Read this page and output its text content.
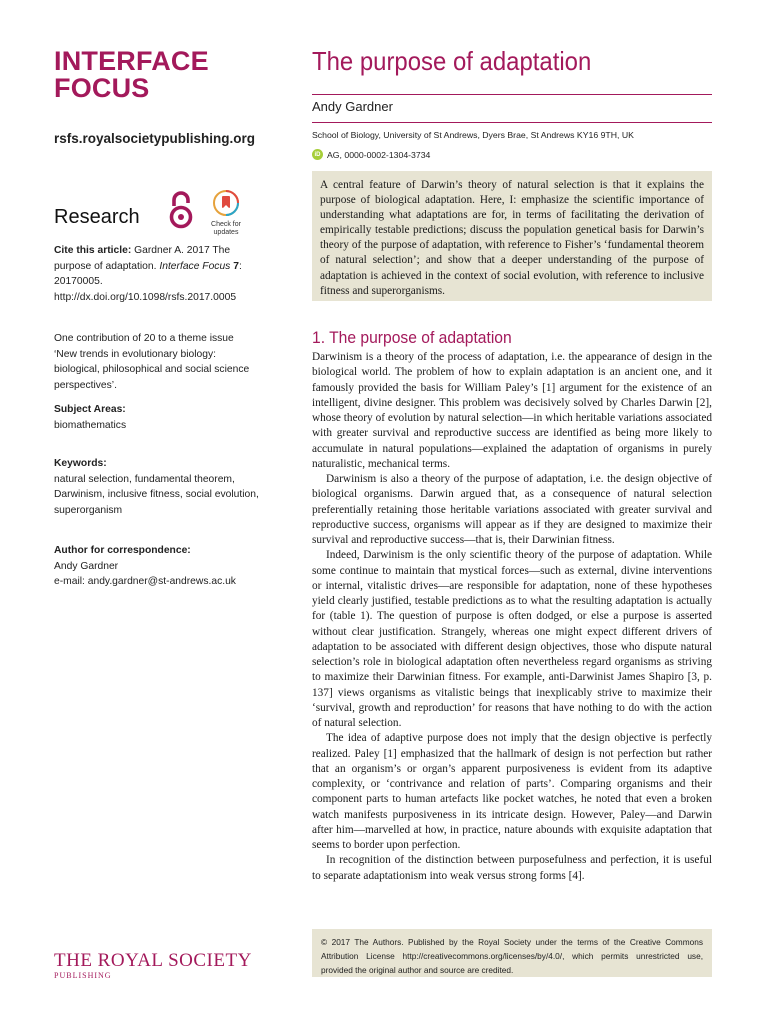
INTERFACE
FOCUS
rsfs.royalsocietypublishing.org
Research	Check for
updates
Cite this article: Gardner A. 2017 The purpose of adaptation. Interface Focus 7: 20170005. http://dx.doi.org/10.1098/rsfs.2017.0005
One contribution of 20 to a theme issue ‘New trends in evolutionary biology: biological, philosophical and social science perspectives’.
Subject Areas:
biomathematics
Keywords:
natural selection, fundamental theorem, Darwinism, inclusive fitness, social evolution, superorganism
Author for correspondence:
Andy Gardner
e-mail: andy.gardner@st-andrews.ac.uk
THE ROYAL SOCIETY
PUBLISHING
The purpose of adaptation
Andy Gardner
School of Biology, University of St Andrews, Dyers Brae, St Andrews KY16 9TH, UK
iD AG, 0000-0002-1304-3734
A central feature of Darwin’s theory of natural selection is that it explains the purpose of biological adaptation. Here, I: emphasize the scientific importance of understanding what adaptations are for, in terms of facilitating the derivation of empirically testable predictions; discuss the population genetical basis for Darwin’s theory of the purpose of adaptation, with reference to Fisher’s ‘fundamental theorem of natural selection’; and show that a deeper understanding of the purpose of adaptation is achieved in the context of social evolution, with reference to inclusive fitness and superorganisms.
1. The purpose of adaptation

Darwinism is a theory of the process of adaptation, i.e. the appearance of design in the biological world. The problem of how to explain adaptation is an ancient one, and it famously provided the basis for William Paley’s [1] argument for the existence of an intelligent, divine designer. This problem was decisively solved by Charles Darwin [2], whose theory of evolution by natural selection—in which heritable variations associated with greater survival and reproductive success are identified as being more likely to accumulate in natural populations—explained the adaptation of organisms in purely naturalistic, mechanical terms.

Darwinism is also a theory of the purpose of adaptation, i.e. the design objective of biological organisms. Darwin argued that, as a consequence of natural selection preferentially retaining those heritable variations associated with greater survival and reproductive success, organisms will appear as if they are designed to maximize their survival and reproductive success—that is, their Darwinian fitness.

Indeed, Darwinism is the only scientific theory of the purpose of adaptation. While some continue to maintain that mystical forces—such as external, divine interventions or internal, vitalistic drives—are responsible for adaptation, none of these hypotheses yield clearly justified, testable predictions as to what the resulting adaptation is actually for (table 1). The question of purpose is often dodged, or else a purpose is asserted without clear justification. Strangely, whereas one might expect different drivers of adaptation to be associated with different design objectives, those who dispute natural selection’s role in biological adaptation often nevertheless regard organisms as striving to maximize their Darwinian fitness. For example, anti-Darwinist James Shapiro [3, p. 137] views organisms as vitalistic beings that inexplicably strive to maximize their ‘survival, growth and reproduction’ for reasons that have nothing to do with the action of natural selection.

The idea of adaptive purpose does not imply that the design objective is perfectly realized. Paley [1] emphasized that the hallmark of design is not perfection but rather that an organism’s or organ’s apparent purposiveness is evident from its adaptive complexity, or ‘contrivance and relation of parts’. Comparing organisms and their component parts to human artefacts like pocket watches, he noted that even a broken watch manifests purposiveness in its intricate design. However, Paley—and Darwin after him—marvelled at how, in practice, nature abounds with exquisite adaptation that seems to border upon perfection.

In recognition of the distinction between purposefulness and perfection, it is useful to separate adaptationism into weak versus strong forms [4].

© 2017 The Authors. Published by the Royal Society under the terms of the Creative Commons Attribution License http://creativecommons.org/licenses/by/4.0/, which permits unrestricted use, provided the original author and source are credited.
